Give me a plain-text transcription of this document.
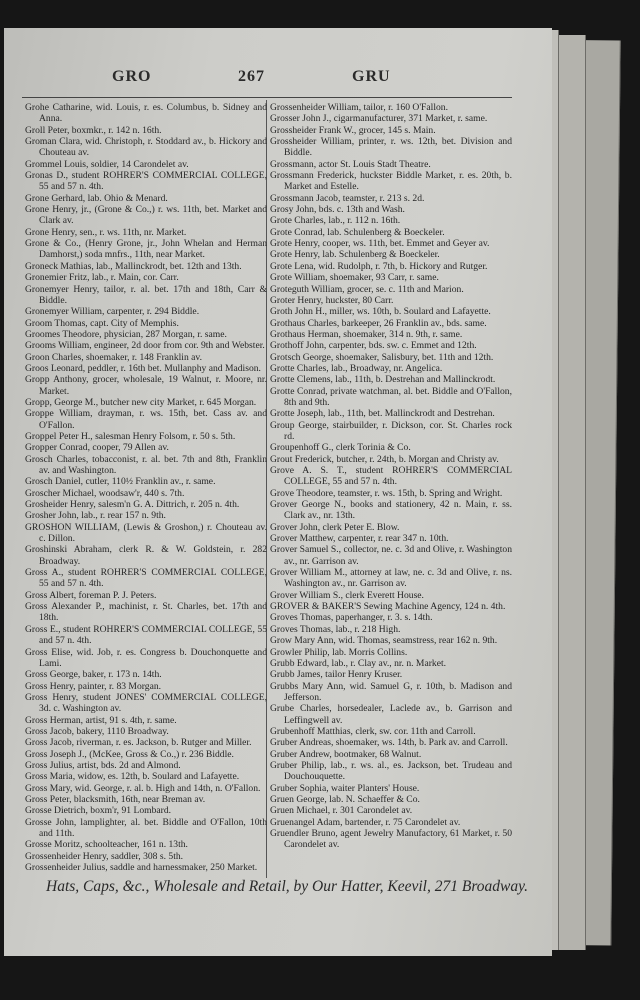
GRO	267	GRU
Grohe Catharine, wid. Louis, r. es. Columbus, b. Sidney and Anna.
Groll Peter, boxmkr., r. 142 n. 16th.
Groman Clara, wid. Christoph, r. Stoddard av., b. Hickory and Chouteau av.
Grommel Louis, soldier, 14 Carondelet av.
Gronas D., student ROHRER'S COMMERCIAL COLLEGE, 55 and 57 n. 4th.
Grone Gerhard, lab. Ohio & Menard.
Grone Henry, jr., (Grone & Co.,) r. ws. 11th, bet. Market and Clark av.
Grone Henry, sen., r. ws. 11th, nr. Market.
Grone & Co., (Henry Grone, jr., John Whelan and Herman Damhorst,) soda mnfrs., 11th, near Market.
Groneck Mathias, lab., Mallinckrodt, bet. 12th and 13th.
Gronemier Fritz, lab., r. Main, cor. Carr.
Gronemyer Henry, tailor, r. al. bet. 17th and 18th, Carr & Biddle.
Gronemyer William, carpenter, r. 294 Biddle.
Groom Thomas, capt. City of Memphis.
Groomes Theodore, physician, 287 Morgan, r. same.
Grooms William, engineer, 2d door from cor. 9th and Webster.
Groon Charles, shoemaker, r. 148 Franklin av.
Groos Leonard, peddler, r. 16th bet. Mullanphy and Madison.
Gropp Anthony, grocer, wholesale, 19 Walnut, r. Moore, nr. Market.
Gropp, George M., butcher new city Market, r. 645 Morgan.
Groppe William, drayman, r. ws. 15th, bet. Cass av. and O'Fallon.
Groppel Peter H., salesman Henry Folsom, r. 50 s. 5th.
Gropper Conrad, cooper, 79 Allen av.
Grosch Charles, tobacconist, r. al. bet. 7th and 8th, Franklin av. and Washington.
Grosch Daniel, cutler, 110½ Franklin av., r. same.
Groscher Michael, woodsaw'r, 440 s. 7th.
Grosheider Henry, salesm'n G. A. Dittrich, r. 205 n. 4th.
Grosher John, lab., r. rear 157 n. 9th.
GROSHON WILLIAM, (Lewis & Groshon,) r. Chouteau av. c. Dillon.
Groshinski Abraham, clerk R. & W. Goldstein, r. 282 Broadway.
Gross A., student ROHRER'S COMMERCIAL COLLEGE, 55 and 57 n. 4th.
Gross Albert, foreman P. J. Peters.
Gross Alexander P., machinist, r. St. Charles, bet. 17th and 18th.
Gross E., student ROHRER'S COMMERCIAL COLLEGE, 55 and 57 n. 4th.
Gross Elise, wid. Job, r. es. Congress b. Douchonquette and Lami.
Gross George, baker, r. 173 n. 14th.
Gross Henry, painter, r. 83 Morgan.
Gross Henry, student JONES' COMMERCIAL COLLEGE, 3d. c. Washington av.
Gross Herman, artist, 91 s. 4th, r. same.
Gross Jacob, bakery, 1110 Broadway.
Gross Jacob, riverman, r. es. Jackson, b. Rutger and Miller.
Gross Joseph J., (McKee, Gross & Co.,) r. 236 Biddle.
Gross Julius, artist, bds. 2d and Almond.
Gross Maria, widow, es. 12th, b. Soulard and Lafayette.
Gross Mary, wid. George, r. al. b. High and 14th, n. O'Fallon.
Gross Peter, blacksmith, 16th, near Breman av.
Grosse Dietrich, boxm'r, 91 Lombard.
Grosse John, lamplighter, al. bet. Biddle and O'Fallon, 10th and 11th.
Grosse Moritz, schoolteacher, 161 n. 13th.
Grossenheider Henry, saddler, 308 s. 5th.
Grossenheider Julius, saddle and harnessmaker, 250 Market.
Grossenheider William, tailor, r. 160 O'Fallon.
Grosser John J., cigarmanufacturer, 371 Market, r. same.
Grossheider Frank W., grocer, 145 s. Main.
Grossheider William, printer, r. ws. 12th, bet. Division and Biddle.
Grossmann, actor St. Louis Stadt Theatre.
Grossmann Frederick, huckster Biddle Market, r. es. 20th, b. Market and Estelle.
Grossmann Jacob, teamster, r. 213 s. 2d.
Grosy John, bds. c. 13th and Wash.
Grote Charles, lab., r. 112 n. 16th.
Grote Conrad, lab. Schulenberg & Boeckeler.
Grote Henry, cooper, ws. 11th, bet. Emmet and Geyer av.
Grote Henry, lab. Schulenberg & Boeckeler.
Grote Lena, wid. Rudolph, r. 7th, b. Hickory and Rutger.
Grote William, shoemaker, 93 Carr, r. same.
Groteguth William, grocer, se. c. 11th and Marion.
Groter Henry, huckster, 80 Carr.
Groth John H., miller, ws. 10th, b. Soulard and Lafayette.
Grothaus Charles, barkeeper, 26 Franklin av., bds. same.
Grothaus Herman, shoemaker, 314 n. 9th, r. same.
Grothoff John, carpenter, bds. sw. c. Emmet and 12th.
Grotsch George, shoemaker, Salisbury, bet. 11th and 12th.
Grotte Charles, lab., Broadway, nr. Angelica.
Grotte Clemens, lab., 11th, b. Destrehan and Mallinckrodt.
Grotte Conrad, private watchman, al. bet. Biddle and O'Fallon, 8th and 9th.
Grotte Joseph, lab., 11th, bet. Mallinckrodt and Destrehan.
Group George, stairbuilder, r. Dickson, cor. St. Charles rock rd.
Groupenhoff G., clerk Torinia & Co.
Grout Frederick, butcher, r. 24th, b. Morgan and Christy av.
Grove A. S. T., student ROHRER'S COMMERCIAL COLLEGE, 55 and 57 n. 4th.
Grove Theodore, teamster, r. ws. 15th, b. Spring and Wright.
Grover George N., books and stationery, 42 n. Main, r. ss. Clark av., nr. 13th.
Grover John, clerk Peter E. Blow.
Grover Matthew, carpenter, r. rear 347 n. 10th.
Grover Samuel S., collector, ne. c. 3d and Olive, r. Washington av., nr. Garrison av.
Grover William M., attorney at law, ne. c. 3d and Olive, r. ns. Washington av., nr. Garrison av.
Grover William S., clerk Everett House.
GROVER & BAKER'S Sewing Machine Agency, 124 n. 4th.
Groves Thomas, paperhanger, r. 3. s. 14th.
Groves Thomas, lab., r. 218 High.
Grow Mary Ann, wid. Thomas, seamstress, rear 162 n. 9th.
Growler Philip, lab. Morris Collins.
Grubb Edward, lab., r. Clay av., nr. n. Market.
Grubb James, tailor Henry Kruser.
Grubbs Mary Ann, wid. Samuel G, r. 10th, b. Madison and Jefferson.
Grube Charles, horsedealer, Laclede av., b. Garrison and Leffingwell av.
Grubenhoff Matthias, clerk, sw. cor. 11th and Carroll.
Gruber Andreas, shoemaker, ws. 14th, b. Park av. and Carroll.
Gruber Andrew, bootmaker, 68 Walnut.
Gruber Philip, lab., r. ws. al., es. Jackson, bet. Trudeau and Douchouquette.
Gruber Sophia, waiter Planters' House.
Gruen George, lab. N. Schaeffer & Co.
Gruen Michael, r. 301 Carondelet av.
Gruenangel Adam, bartender, r. 75 Carondelet av.
Gruendler Bruno, agent Jewelry Manufactory, 61 Market, r. 50 Carondelet av.
Hats, Caps, &c., Wholesale and Retail, by Our Hatter, Keevil, 271 Broadway.
